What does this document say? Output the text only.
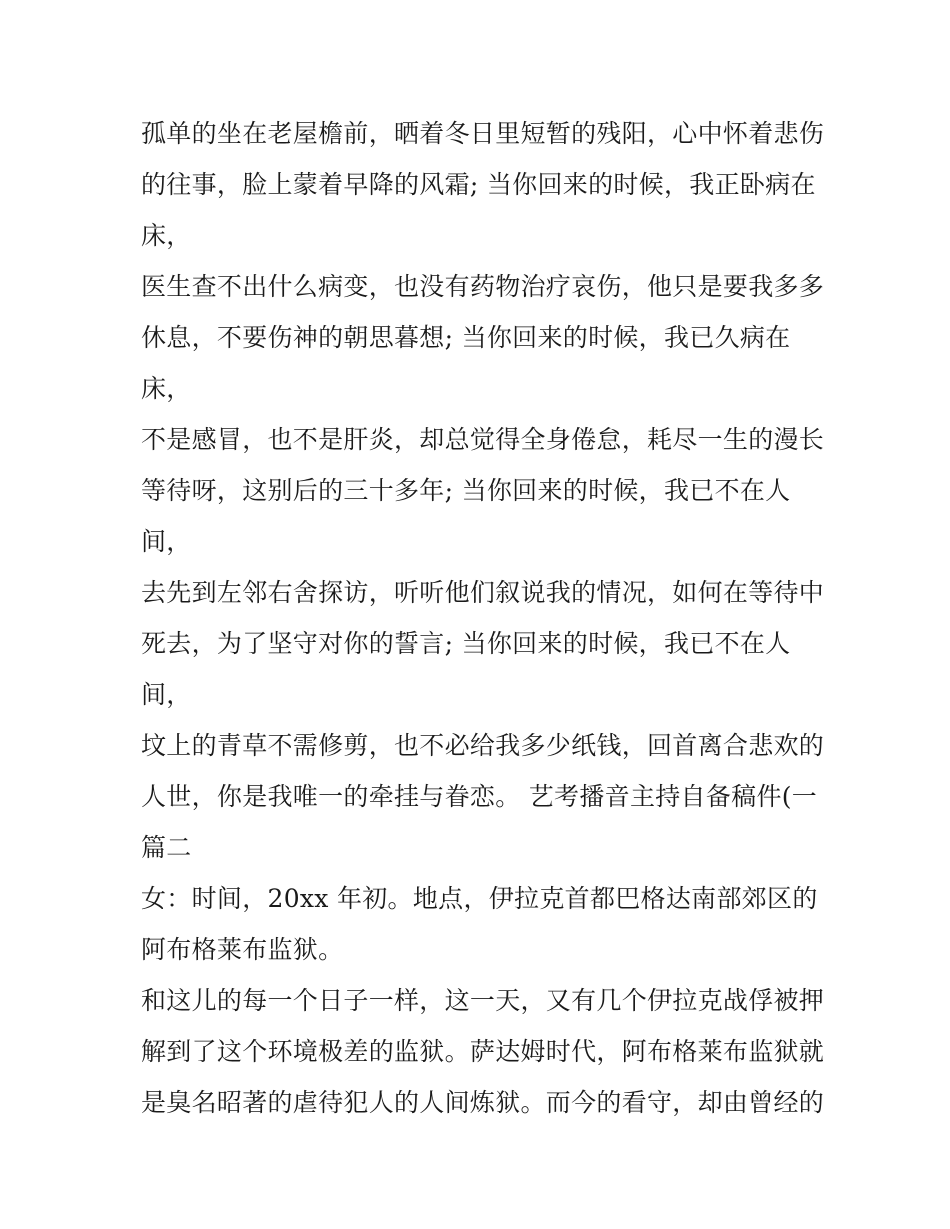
孤单的坐在老屋檐前，晒着冬日里短暂的残阳，心中怀着悲伤
的往事，脸上蒙着早降的风霜; 当你回来的时候，我正卧病在
床，
医生查不出什么病变，也没有药物治疗哀伤，他只是要我多多
休息，不要伤神的朝思暮想; 当你回来的时候，我已久病在
床，
不是感冒，也不是肝炎，却总觉得全身倦怠，耗尽一生的漫长
等待呀，这别后的三十多年; 当你回来的时候，我已不在人
间，
去先到左邻右舍探访，听听他们叙说我的情况，如何在等待中
死去，为了坚守对你的誓言; 当你回来的时候，我已不在人
间，
坟上的青草不需修剪，也不必给我多少纸钱，回首离合悲欢的
人世，你是我唯一的牵挂与眷恋。 艺考播音主持自备稿件(一
篇二
女：时间，20xx 年初。地点，伊拉克首都巴格达南部郊区的
阿布格莱布监狱。
和这儿的每一个日子一样，这一天，又有几个伊拉克战俘被押
解到了这个环境极差的监狱。萨达姆时代，阿布格莱布监狱就
是臭名昭著的虐待犯人的人间炼狱。而今的看守，却由曾经的
